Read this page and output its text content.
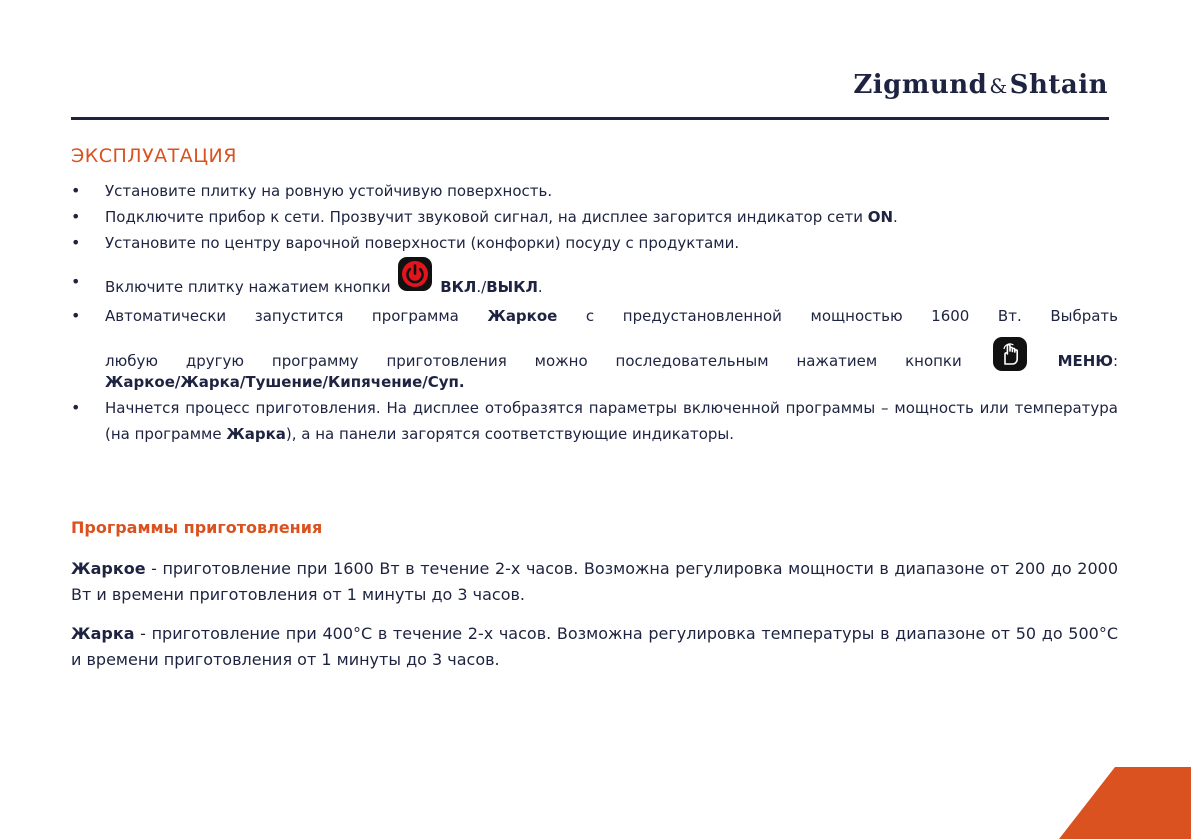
Zigmund &Shtain
ЭКСПЛУАТАЦИЯ
• Установите плитку на ровную устойчивую поверхность.
• Подключите прибор к сети. Прозвучит звуковой сигнал, на дисплее загорится индикатор сети ON.
• Установите по центру варочной поверхности (конфорки) посуду с продуктами.
• Включите плитку нажатием кнопки	ВКЛ./ВЫКЛ.
• Автоматически запустится программа Жаркое с предустановленной мощностью 1600 Вт. Выбрать
любую другую программу приготовления можно последовательным нажатием кнопки	МЕНЮ:
Жаркое/Жарка/Тушение/Кипячение/Суп.
• Начнется процесс приготовления. На дисплее отобразятся параметры включенной программы – мощность или температура (на программе Жарка), а на панели загорятся соответствующие индикаторы.
Программы приготовления

Жаркое - приготовление при 1600 Вт в течение 2-х часов. Возможна регулировка мощности в диапазоне от 200 до 2000 Вт и времени приготовления от 1 минуты до 3 часов.

Жарка - приготовление при 400°C в течение 2-х часов. Возможна регулировка температуры в диапазоне от 50 до 500°C и времени приготовления от 1 минуты до 3 часов.
